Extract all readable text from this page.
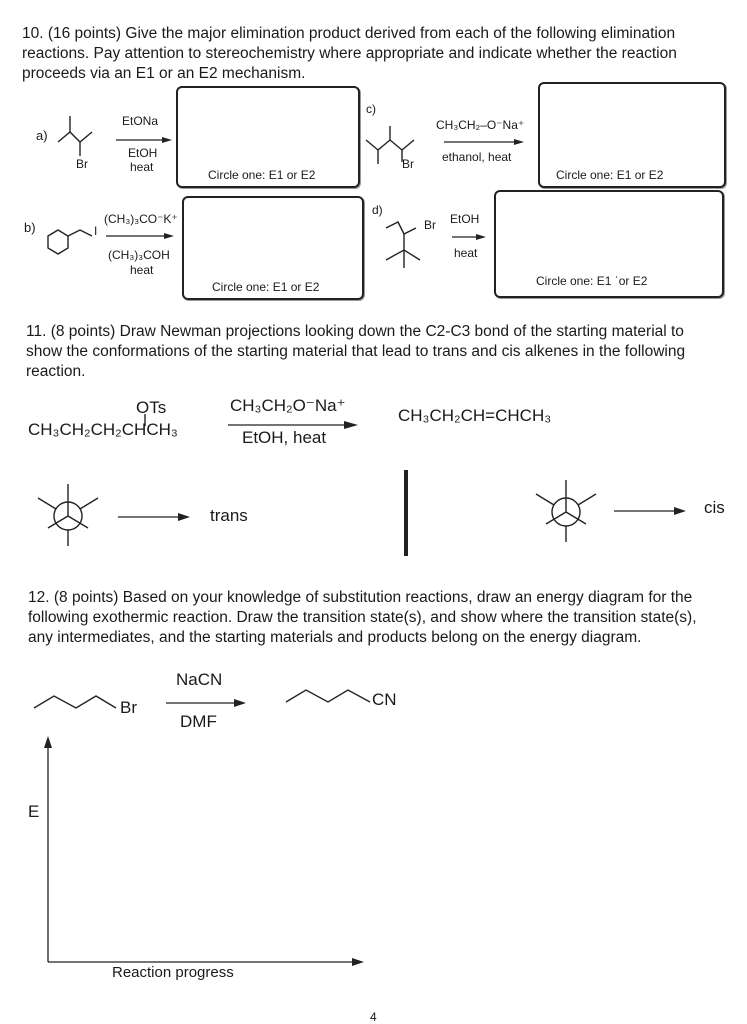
10. (16 points) Give the major elimination product derived from each of the following elimination reactions. Pay attention to stereochemistry where appropriate and indicate whether the reaction proceeds via an E1 or an E2 mechanism.
a)
Br
EtONa
EtOH
heat
Circle one: E1 or E2
b)	I
(CH₃)₃CO⁻K⁺
(CH₃)₃COH
heat
Circle one: E1 or E2
c)
Br
CH₃CH₂–O⁻Na⁺
ethanol, heat
Circle one: E1 or E2
d)
Br EtOH
heat
Circle one: E1 ˈor E2
11. (8 points) Draw Newman projections looking down the C2-C3 bond of the starting material to show the conformations of the starting material that lead to trans and cis alkenes in the following reaction.
OTs
CH₃CH₂CH₂CHCH₃
CH₃CH₂O⁻Na⁺
EtOH, heat
CH₃CH₂CH=CHCH₃
trans	cis
12. (8 points) Based on your knowledge of substitution reactions, draw an energy diagram for the following exothermic reaction. Draw the transition state(s), and show where the transition state(s), any intermediates, and the starting materials and products belong on the energy diagram.
NaCN
Br
DMF
CN
E
Reaction progress
4
